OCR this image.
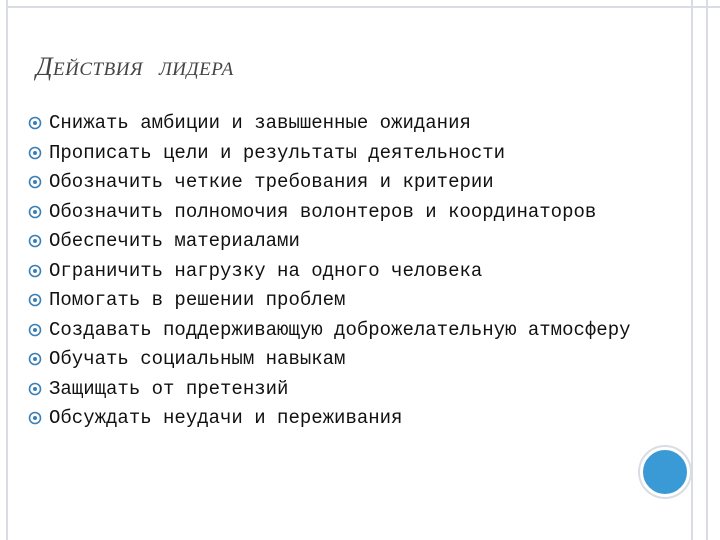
ДЕЙСТВИЯ ЛИДЕРА
Снижать амбиции и завышенные ожидания
Прописать цели и результаты деятельности
Обозначить четкие требования и критерии
Обозначить полномочия волонтеров и координаторов
Обеспечить материалами
Ограничить нагрузку на одного человека
Помогать в решении проблем
Создавать поддерживающую доброжелательную атмосферу
Обучать социальным навыкам
Защищать от претензий
Обсуждать неудачи и переживания
